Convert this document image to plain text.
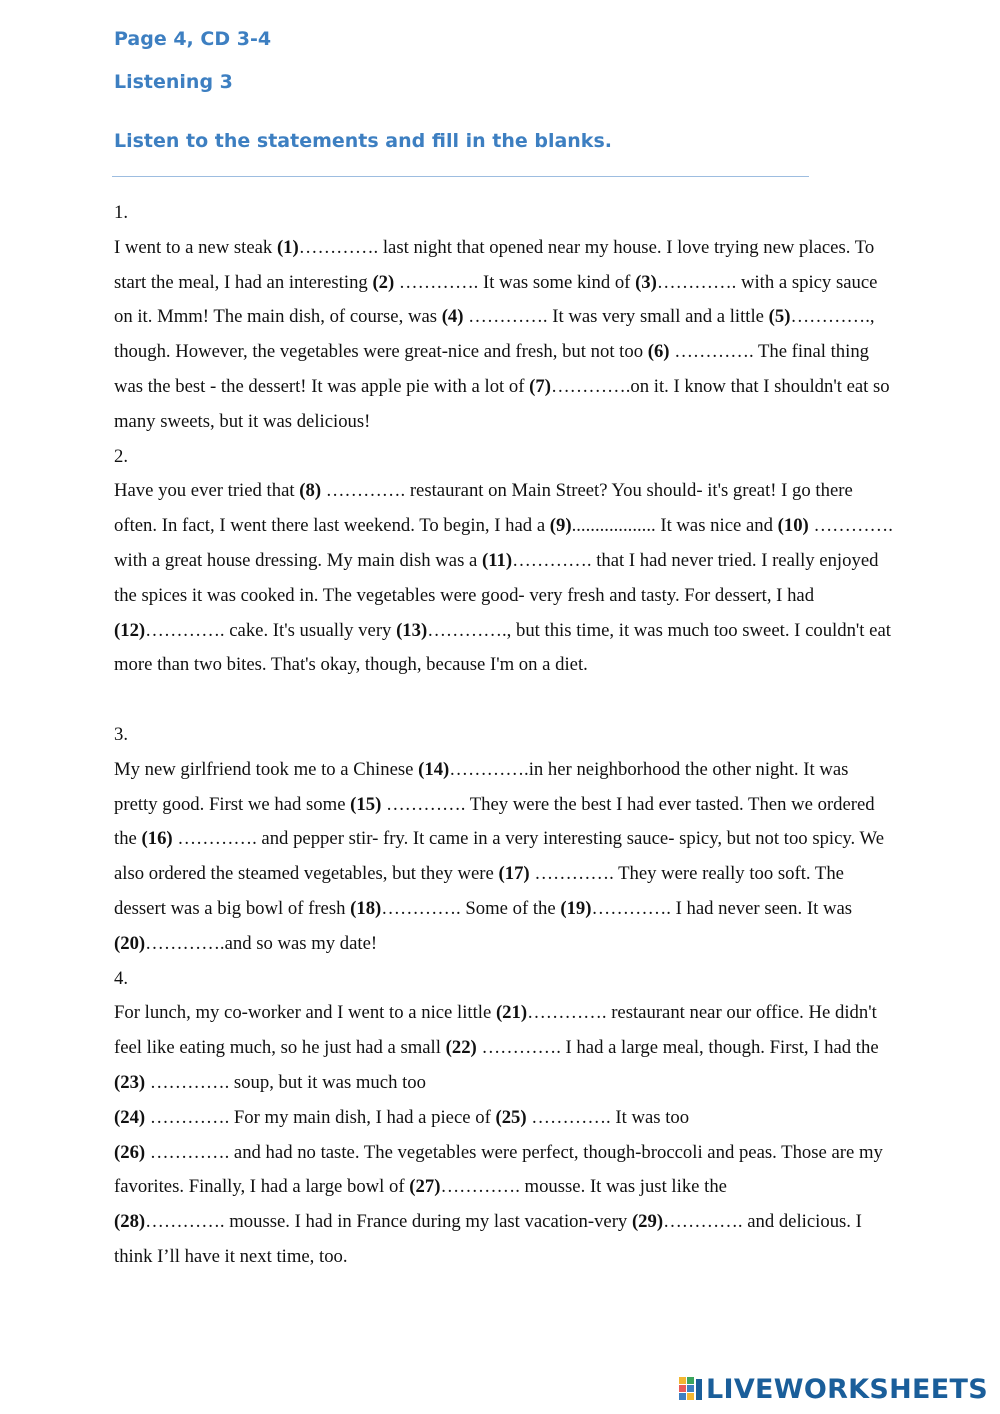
Page 4, CD 3-4
Listening 3
Listen to the statements and fill in the blanks.
1.
I went to a new steak (1)…………. last night that opened near my house. I love trying new places. To start the meal, I had an interesting (2) …………. It was some kind of (3)…………. with a spicy sauce on it. Mmm! The main dish, of course, was (4) …………. It was very small and a little (5)…………., though. However, the vegetables were great-nice and fresh, but not too (6) …………. The final thing was the best - the dessert! It was apple pie with a lot of (7)………….on it. I know that I shouldn't eat so many sweets, but it was delicious!
2.
Have you ever tried that (8) …………. restaurant on Main Street? You should- it's great! I go there often. In fact, I went there last weekend. To begin, I had a (9).................. It was nice and (10) …………. with a great house dressing. My main dish was a (11)…………. that I had never tried. I really enjoyed the spices it was cooked in. The vegetables were good- very fresh and tasty. For dessert, I had (12)…………. cake. It's usually very (13)…………., but this time, it was much too sweet. I couldn't eat more than two bites. That's okay, though, because I'm on a diet.
3.
My new girlfriend took me to a Chinese (14)………….in her neighborhood the other night. It was pretty good. First we had some (15) …………. They were the best I had ever tasted. Then we ordered the (16) …………. and pepper stir- fry. It came in a very interesting sauce- spicy, but not too spicy. We also ordered the steamed vegetables, but they were (17) …………. They were really too soft. The dessert was a big bowl of fresh (18)…………. Some of the (19)…………. I had never seen. It was (20)………….and so was my date!
4.
For lunch, my co-worker and I went to a nice little (21)…………. restaurant near our office. He didn't feel like eating much, so he just had a small (22) …………. I had a large meal, though. First, I had the (23) …………. soup, but it was much too
(24) …………. For my main dish, I had a piece of (25) …………. It was too
(26) …………. and had no taste. The vegetables were perfect, though-broccoli and peas. Those are my favorites. Finally, I had a large bowl of (27)…………. mousse. It was just like the
(28)…………. mousse. I had in France during my last vacation-very (29)…………. and delicious. I think I’ll have it next time, too.
LIVEWORKSHEETS
